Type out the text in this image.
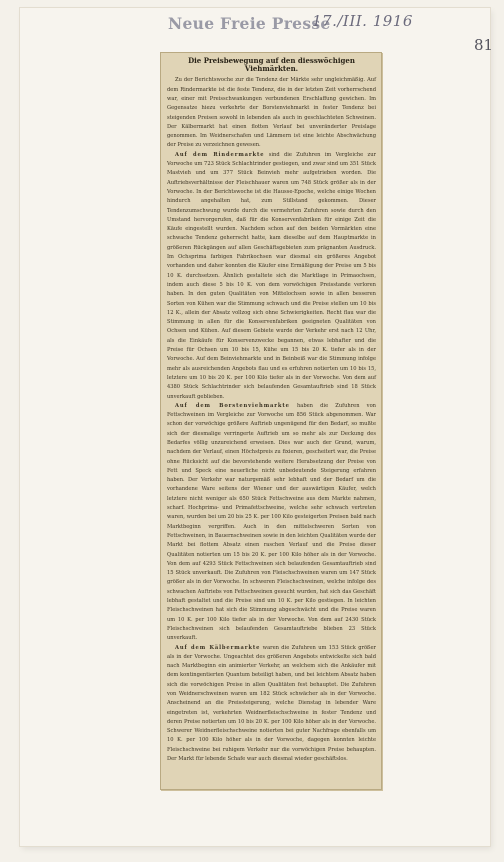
Neue Freie Presse
17./III. 1916
81
Die Preisbewegung auf den diesswöchigen Viehmärkten.

Zu der Berichtswoche zur die Tendenz der Märkte sehr ungleichmäßig. Auf dem Rindermarkte ist die feste Tendenz, die in der letzten Zeit vorherrschend war, einer mit Preisschwankungen verbundenen Erschlaffung gewichen. Im Gegensatze hiezu verkehrte der Borstenviehmarkt in fester Tendenz bei steigenden Preisen sowohl in lebenden als auch in geschlachteten Schweinen. Der Kälbermarkt hat einen flotten Verlauf bei unveränderter Preislage genommen. Im Weidnerschafen und Lämmern ist eine leichte Abschwächung der Preise zu verzeichnen gewesen.

Auf dem Rindermarkte sind die Zufuhren im Vergleiche zur Vorwoche um 723 Stück Schlachtrinder gestiegen, und zwar sind um 351 Stück Mastvieh und um 377 Stück Beinvieh mehr aufgetrieben worden. Die Auftriebsverhältnisse der Fleischhauer waren um 748 Stück größer als in der Vorwoche. In der Berichtswoche ist die Hausse-Epoche, welche einige Wochen hindurch angehalten hat, zum Stillstand gekommen. Dieser Tendenzumschwung wurde durch die vermehrten Zufuhren sowie durch den Umstand hervorgerufen, daß für die Konservenfabriken für einige Zeit die Käufe eingestellt wurden. Nachdem schon auf den beiden Vormärkten eine schwache Tendenz geherrscht hatte, kam dieselbe auf dem Hauptmarkte in größeren Rückgängen auf allen Geschäftsgebieten zum prägnanten Ausdruck. Im Ochsprima farbigen Fabrikochsen war diesmal ein größeres Angebot vorhanden und daher konnten die Käufer eine Ermäßigung der Preise um 5 bis 10 K. durchsetzen. Ähnlich gestaltete sich die Marktlage in Primaochsen, indem auch diese 5 bis 10 K. von dem vorwöchigen Preisstande verloren haben. In den guten Qualitäten von Mittelochsen sowie in allen besseren Sorten von Kühen war die Stimmung schwach und die Preise stellen um 10 bis 12 K., allein der Absatz vollzog sich ohne Schwierigkeiten. Recht flau war die Stimmung in allen für die Konservenfabriken geeigneten Qualitäten von Ochsen und Kühen. Auf diesem Gebiete wurde der Verkehr erst nach 12 Uhr, als die Einkäufe für Konservenzwecke begannen, etwas lebhafter und die Preise für Ochsen um 10 bis 15, Kühe um 15 bis 20 K. tiefer als in der Vorwoche. Auf dem Beinviehmarkte und in Beinbeiß war die Stimmung infolge mehr als ausreichenden Angebots flau und es erfuhren notierten um 10 bis 15, letztere um 10 bis 20 K. per 100 Kilo tiefer als in der Vorwoche. Von dem auf 4380 Stück Schlachtrinder sich belaufenden Gesamtauftrieb sind 18 Stück unverkauft geblieben.

Auf dem Borstenviehmarkte haben die Zufuhren von Fettschweinen im Vergleiche zur Vorwoche um 856 Stück abgenommen. War schon der vorwöchige größere Auftrieb ungenügend für den Bedarf, so mußte sich der diesmalige verringerte Auftrieb um so mehr als zur Deckung des Bedarfes völlig unzureichend erweisen. Dies war auch der Grund, warum, nachdem der Verlauf, einen Höchstpreis zu fixieren, gescheitert war, die Preise ohne Rücksicht auf die bevorstehende weitere Herabsetzung der Preise von Fett und Speck eine neuerliche nicht unbedeutende Steigerung erfahren haben. Der Verkehr war naturgemäß sehr lebhaft und der Bedarf um die vorhandene Ware seitens der Wiener und der auswärtigen Käufer, welch letztere nicht weniger als 650 Stück Fettschweine aus dem Markte nahmen, scharf. Hochprima- und Primafettschweine, welche sehr schwach vertreten waren, wurden bei um 20 bis 25 K. per 100 Kilo gesteigerten Preisen bald nach Marktbeginn vergriffen. Auch in den mittelschweren Sorten von Fettschweinen, in Bauernschweinen sowie in den leichten Qualitäten wurde der Markt bei flottem Absatz einen raschen Verlauf und die Preise dieser Qualitäten notierten um 15 bis 20 K. per 100 Kilo höher als in der Vorwoche. Von dem auf 4293 Stück Fettschweinen sich belaufenden Gesamtauftrieb sind 15 Stück unverkauft. Die Zufuhren von Fleischschweinen waren um 147 Stück größer als in der Vorwoche. In schweren Fleischschweinen, welche infolge des schwachen Auftriebs von Fettschweinen gesucht wurden, hat sich das Geschäft lebhaft gestaltet und die Preise sind um 10 K. per Kilo gestiegen. In leichten Fleischschweinen hat sich die Stimmung abgeschwächt und die Preise waren um 10 K. per 100 Kilo tiefer als in der Vorwoche. Von dem auf 2430 Stück Fleischschweinen sich belaufenden Gesamtauftriebe blieben 23 Stück unverkauft.

Auf dem Kälbermarkte waren die Zufuhren um 153 Stück größer als in der Vorwoche. Ungeachtet des größeren Angebots entwickelte sich bald nach Marktbeginn ein animierter Verkehr, an welchem sich die Ankäufer mit dem kontingentierten Quantum beteiligt haben, und bei leichtem Absatz haben sich die vorwöchigen Preise in allen Qualitäten fest behauptet. Die Zufuhren von Weidnerschweinen waren um 182 Stück schwächer als in der Vorwoche. Anscheinend an die Preissteigerung, welche Dienstag in lebender Ware eingetreten ist, verkehrten Weidnerfleischschweine in fester Tendenz und deren Preise notierten um 10 bis 20 K. per 100 Kilo höher als in der Vorwoche. Schwerer Weidnerfleischschweine notierten bei guter Nachfrage ebenfalls um 10 K. per 100 Kilo höher als in der Vorwoche, dagegen konnten leichte Fleischschweine bei ruhigem Verkehr nur die vorwöchigen Preise behaupten. Der Markt für lebende Schafe war auch diesmal wieder geschäftslos.
